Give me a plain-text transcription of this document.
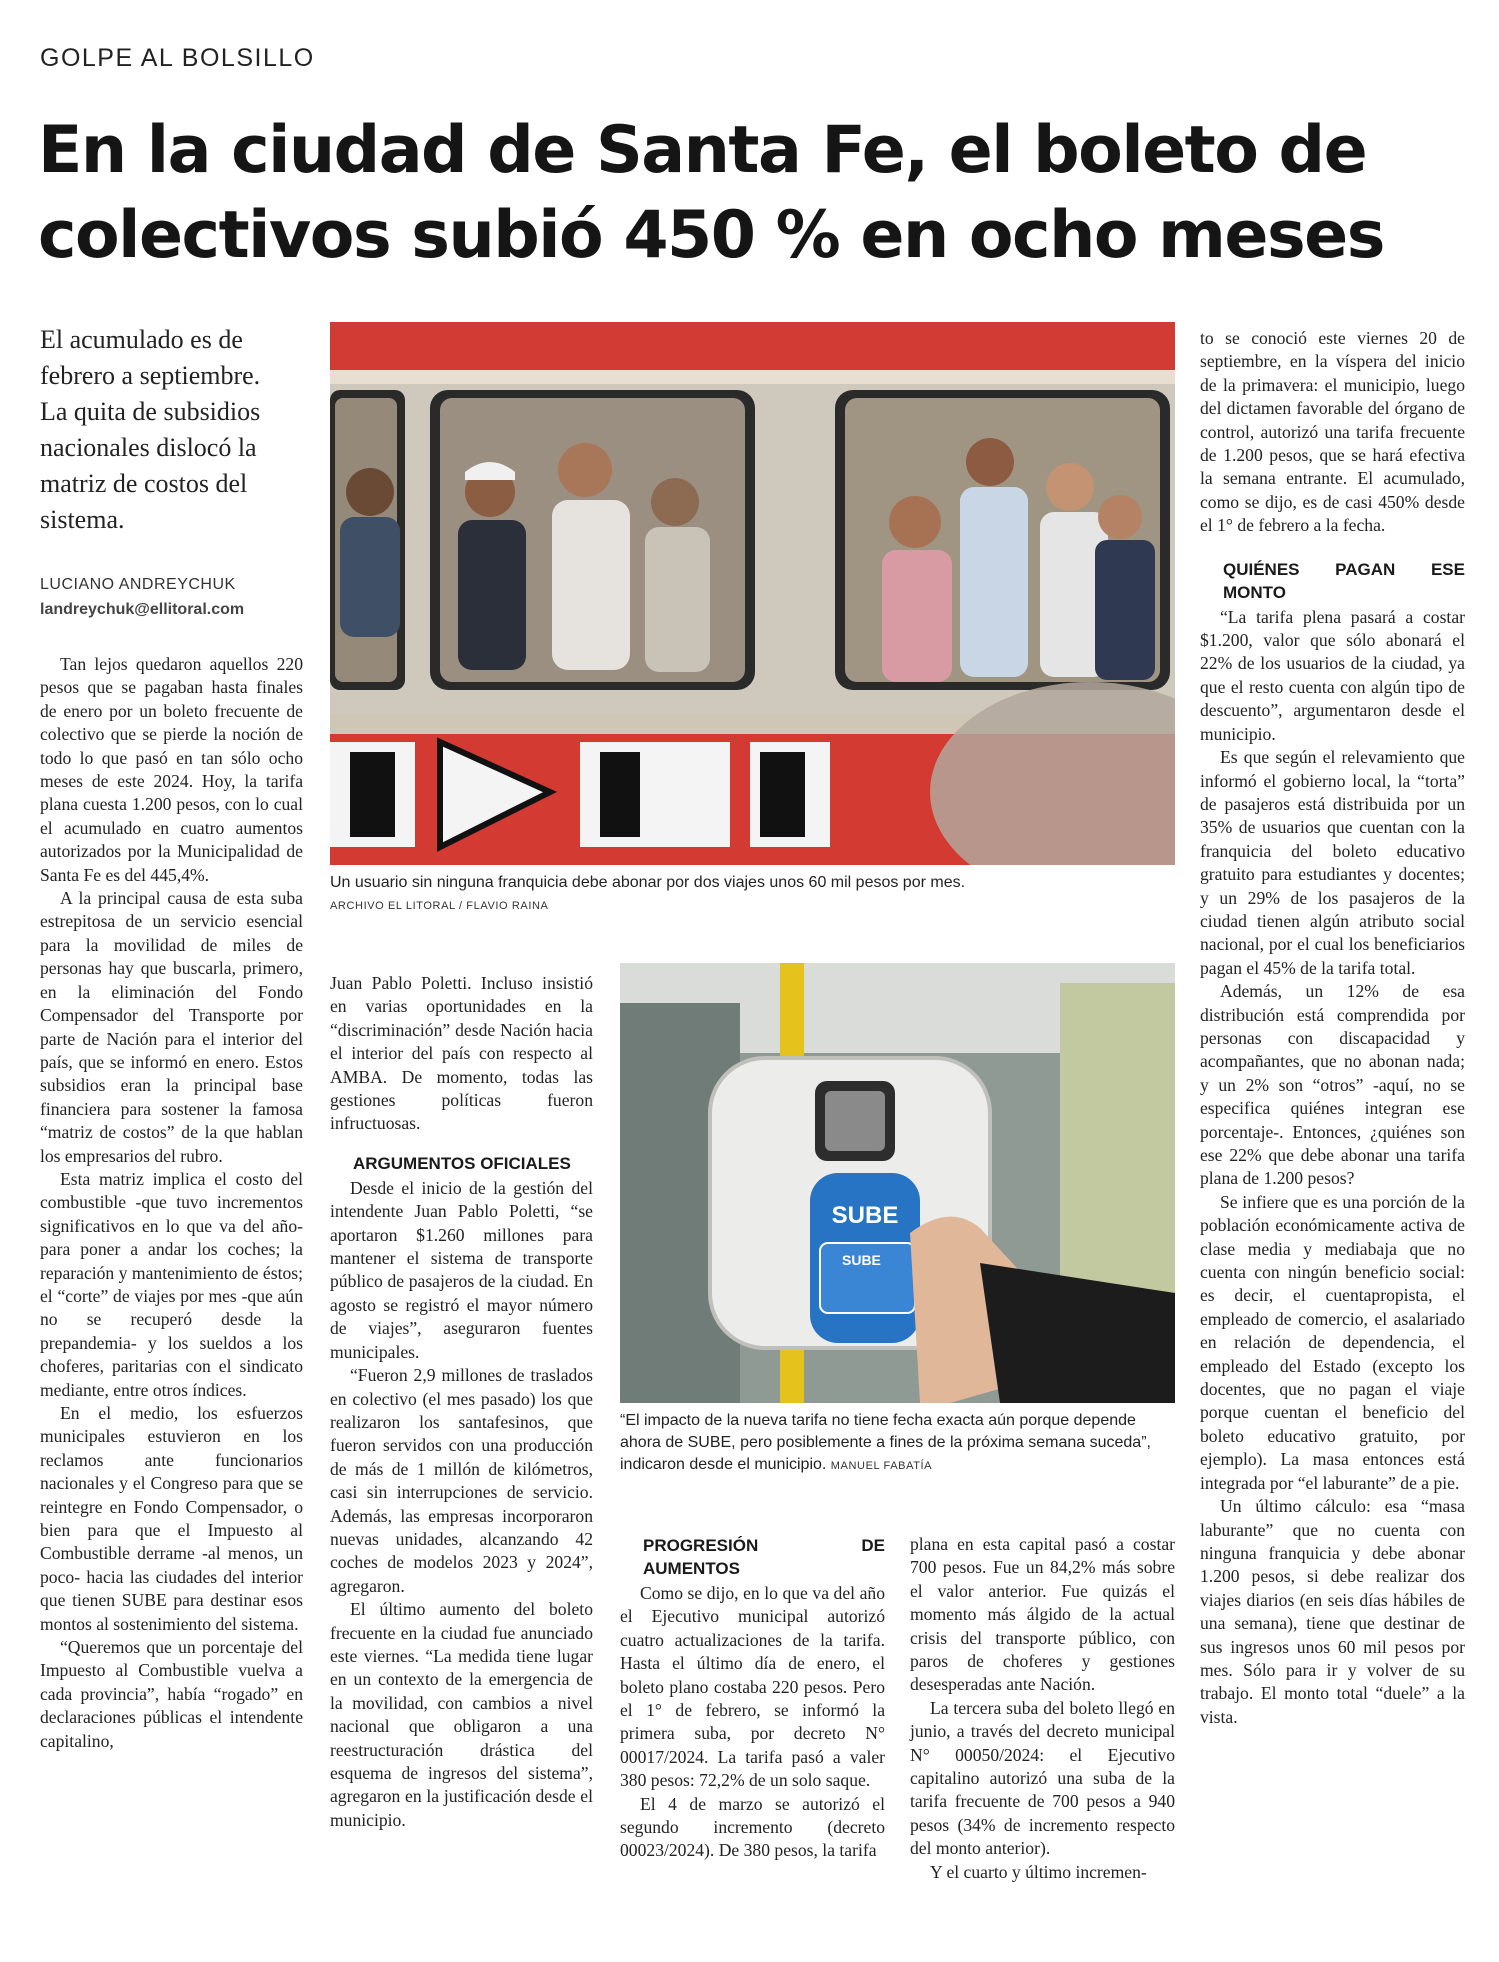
GOLPE AL BOLSILLO
En la ciudad de Santa Fe, el boleto de colectivos subió 450 % en ocho meses
El acumulado es de febrero a septiembre. La quita de subsidios nacionales dislocó la matriz de costos del sistema.
LUCIANO ANDREYCHUK
landreychuk@ellitoral.com
Un usuario sin ninguna franquicia debe abonar por dos viajes unos 60 mil pesos por mes.
ARCHIVO EL LITORAL / FLAVIO RAINA
SUBE
SUBE
“El impacto de la nueva tarifa no tiene fecha exacta aún porque depende ahora de SUBE, pero posiblemente a fines de la próxima semana suceda”, indicaron desde el municipio. MANUEL FABATÍA

Tan lejos quedaron aquellos 220 pesos que se pagaban hasta finales de enero por un boleto frecuente de colectivo que se pierde la noción de todo lo que pasó en tan sólo ocho meses de este 2024. Hoy, la tarifa plana cuesta 1.200 pesos, con lo cual el acumulado en cuatro aumentos autorizados por la Municipalidad de Santa Fe es del 445,4%.

A la principal causa de esta suba estrepitosa de un servicio esencial para la movilidad de miles de personas hay que buscarla, primero, en la eliminación del Fondo Compensador del Transporte por parte de Nación para el interior del país, que se informó en enero. Estos subsidios eran la principal base financiera para sostener la famosa “matriz de costos” de la que hablan los empresarios del rubro.

Esta matriz implica el costo del combustible -que tuvo incrementos significativos en lo que va del año- para poner a andar los coches; la reparación y mantenimiento de éstos; el “corte” de viajes por mes -que aún no se recuperó desde la prepandemia- y los sueldos a los choferes, paritarias con el sindicato mediante, entre otros índices.

En el medio, los esfuerzos municipales estuvieron en los reclamos ante funcionarios nacionales y el Congreso para que se reintegre en Fondo Compensador, o bien para que el Impuesto al Combustible derrame -al menos, un poco- hacia las ciudades del interior que tienen SUBE para destinar esos montos al sostenimiento del sistema.

“Queremos que un porcentaje del Impuesto al Combustible vuelva a cada provincia”, había “rogado” en declaraciones públicas el intendente capitalino,

Juan Pablo Poletti. Incluso insistió en varias oportunidades en la “discriminación” desde Nación hacia el interior del país con respecto al AMBA. De momento, todas las gestiones políticas fueron infructuosas.

ARGUMENTOS OFICIALES

Desde el inicio de la gestión del intendente Juan Pablo Poletti, “se aportaron $1.260 millones para mantener el sistema de transporte público de pasajeros de la ciudad. En agosto se registró el mayor número de viajes”, aseguraron fuentes municipales.

“Fueron 2,9 millones de traslados en colectivo (el mes pasado) los que realizaron los santafesinos, que fueron servidos con una producción de más de 1 millón de kilómetros, casi sin interrupciones de servicio. Además, las empresas incorporaron nuevas unidades, alcanzando 42 coches de modelos 2023 y 2024”, agregaron.

El último aumento del boleto frecuente en la ciudad fue anunciado este viernes. “La medida tiene lugar en un contexto de la emergencia de la movilidad, con cambios a nivel nacional que obligaron a una reestructuración drástica del esquema de ingresos del sistema”, agregaron en la justificación desde el municipio.

PROGRESIÓN DE AUMENTOS

Como se dijo, en lo que va del año el Ejecutivo municipal autorizó cuatro actualizaciones de la tarifa. Hasta el último día de enero, el boleto plano costaba 220 pesos. Pero el 1° de febrero, se informó la primera suba, por decreto N° 00017/2024. La tarifa pasó a valer 380 pesos: 72,2% de un solo saque.

El 4 de marzo se autorizó el segundo incremento (decreto 00023/2024). De 380 pesos, la tarifa

plana en esta capital pasó a costar 700 pesos. Fue un 84,2% más sobre el valor anterior. Fue quizás el momento más álgido de la actual crisis del transporte público, con paros de choferes y gestiones desesperadas ante Nación.

La tercera suba del boleto llegó en junio, a través del decreto municipal N° 00050/2024: el Ejecutivo capitalino autorizó una suba de la tarifa frecuente de 700 pesos a 940 pesos (34% de incremento respecto del monto anterior).

Y el cuarto y último incremen-

to se conoció este viernes 20 de septiembre, en la víspera del inicio de la primavera: el municipio, luego del dictamen favorable del órgano de control, autorizó una tarifa frecuente de 1.200 pesos, que se hará efectiva la semana entrante. El acumulado, como se dijo, es de casi 450% desde el 1° de febrero a la fecha.

QUIÉNES PAGAN ESE MONTO

“La tarifa plena pasará a costar $1.200, valor que sólo abonará el 22% de los usuarios de la ciudad, ya que el resto cuenta con algún tipo de descuento”, argumentaron desde el municipio.

Es que según el relevamiento que informó el gobierno local, la “torta” de pasajeros está distribuida por un 35% de usuarios que cuentan con la franquicia del boleto educativo gratuito para estudiantes y docentes; y un 29% de los pasajeros de la ciudad tienen algún atributo social nacional, por el cual los beneficiarios pagan el 45% de la tarifa total.

Además, un 12% de esa distribución está comprendida por personas con discapacidad y acompañantes, que no abonan nada; y un 2% son “otros” -aquí, no se especifica quiénes integran ese porcentaje-. Entonces, ¿quiénes son ese 22% que debe abonar una tarifa plana de 1.200 pesos?

Se infiere que es una porción de la población económicamente activa de clase media y mediabaja que no cuenta con ningún beneficio social: es decir, el cuentapropista, el empleado de comercio, el asalariado en relación de dependencia, el empleado del Estado (excepto los docentes, que no pagan el viaje porque cuentan el beneficio del boleto educativo gratuito, por ejemplo). La masa entonces está integrada por “el laburante” de a pie.

Un último cálculo: esa “masa laburante” que no cuenta con ninguna franquicia y debe abonar 1.200 pesos, si debe realizar dos viajes diarios (en seis días hábiles de una semana), tiene que destinar de sus ingresos unos 60 mil pesos por mes. Sólo para ir y volver de su trabajo. El monto total “duele” a la vista.
